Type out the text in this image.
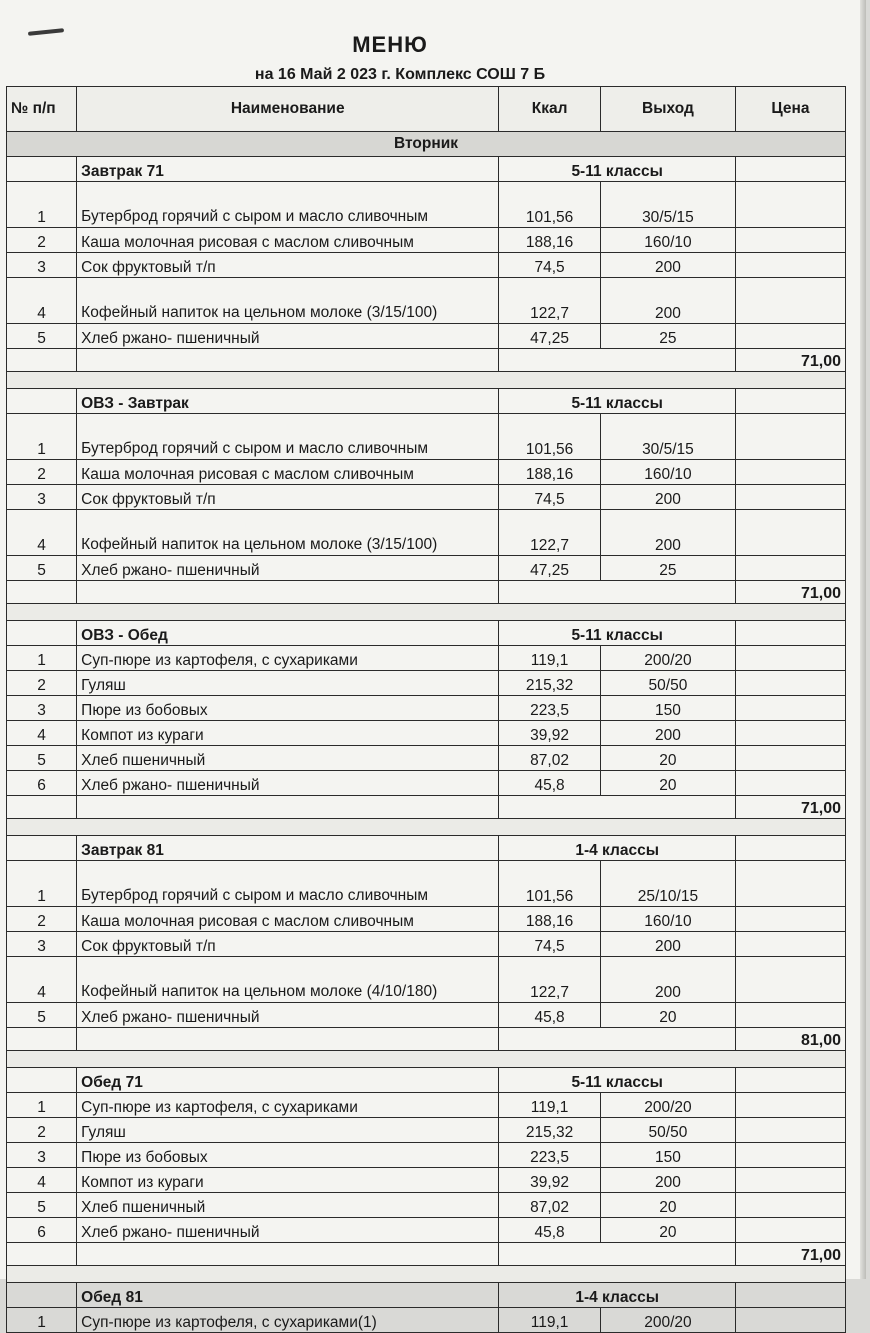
МЕНЮ
на 16 Май 2 023 г. Комплекс СОШ 7 Б
№ п/п	Наименование	Ккал	Выход	Цена
Вторник				
	Завтрак 71	5-11 классы		
1	Бутерброд горячий с сыром и масло сливочным	101,56	30/5/15	
2	Каша молочная рисовая с маслом сливочным	188,16	160/10	
3	Сок фруктовый т/п	74,5	200	
4	Кофейный напиток на цельном молоке (3/15/100)	122,7	200	
5	Хлеб ржано- пшеничный	47,25	25	
				71,00

	ОВЗ - Завтрак	5-11 классы		
1	Бутерброд горячий с сыром и масло сливочным	101,56	30/5/15	
2	Каша молочная рисовая с маслом сливочным	188,16	160/10	
3	Сок фруктовый т/п	74,5	200	
4	Кофейный напиток на цельном молоке (3/15/100)	122,7	200	
5	Хлеб ржано- пшеничный	47,25	25	
				71,00

	ОВЗ - Обед	5-11 классы		
1	Суп-пюре из картофеля, с сухариками	119,1	200/20	
2	Гуляш	215,32	50/50	
3	Пюре из бобовых	223,5	150	
4	Компот из кураги	39,92	200	
5	Хлеб пшеничный	87,02	20	
6	Хлеб ржано- пшеничный	45,8	20	
				71,00

	Завтрак 81	1-4 классы		
1	Бутерброд горячий с сыром и масло сливочным	101,56	25/10/15	
2	Каша молочная рисовая с маслом сливочным	188,16	160/10	
3	Сок фруктовый т/п	74,5	200	
4	Кофейный напиток на цельном молоке (4/10/180)	122,7	200	
5	Хлеб ржано- пшеничный	45,8	20	
				81,00

	Обед 71	5-11 классы		
1	Суп-пюре из картофеля, с сухариками	119,1	200/20	
2	Гуляш	215,32	50/50	
3	Пюре из бобовых	223,5	150	
4	Компот из кураги	39,92	200	
5	Хлеб пшеничный	87,02	20	
6	Хлеб ржано- пшеничный	45,8	20	
				71,00

	Обед 81	1-4 классы		
1	Суп-пюре из картофеля, с сухариками(1)	119,1	200/20	
